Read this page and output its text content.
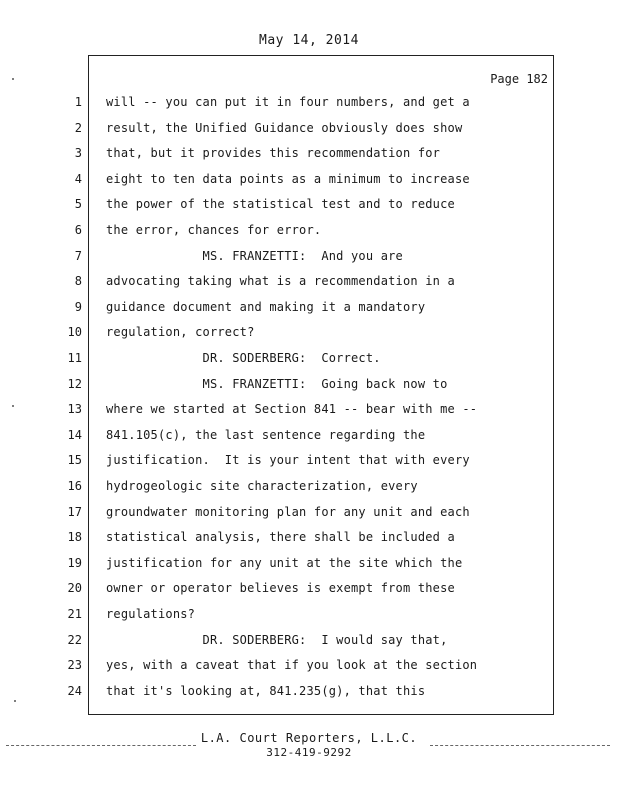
May 14, 2014
Page 182
1 will -- you can put it in four numbers, and get a
2 result, the Unified Guidance obviously does show
3 that, but it provides this recommendation for
4 eight to ten data points as a minimum to increase
5 the power of the statistical test and to reduce
6 the error, chances for error.
7 MS. FRANZETTI:  And you are
8 advocating taking what is a recommendation in a
9 guidance document and making it a mandatory
10 regulation, correct?
11 DR. SODERBERG:  Correct.
12 MS. FRANZETTI:  Going back now to
13 where we started at Section 841 -- bear with me --
14 841.105(c), the last sentence regarding the
15 justification.  It is your intent that with every
16 hydrogeologic site characterization, every
17 groundwater monitoring plan for any unit and each
18 statistical analysis, there shall be included a
19 justification for any unit at the site which the
20 owner or operator believes is exempt from these
21 regulations?
22 DR. SODERBERG:  I would say that,
23 yes, with a caveat that if you look at the section
24 that it's looking at, 841.235(g), that this
L.A. Court Reporters, L.L.C.
312-419-9292
